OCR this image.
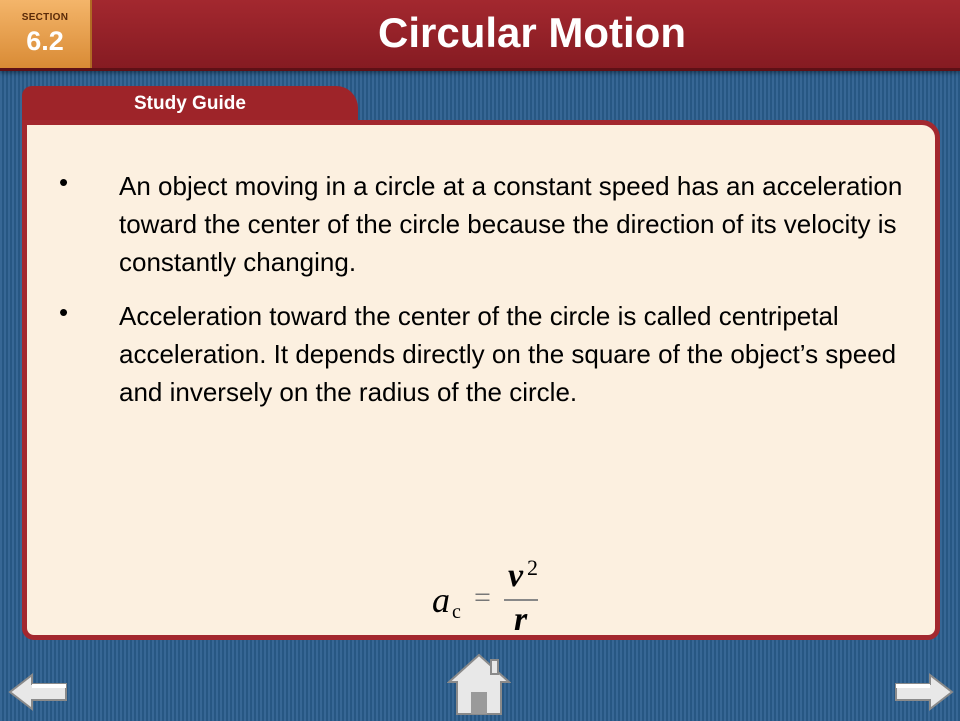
SECTION
6.2	Circular Motion
Study Guide
• An object moving in a circle at a constant speed has an acceleration toward the center of the circle because the direction of its velocity is constantly changing.
• Acceleration toward the center of the circle is called centripetal acceleration. It depends directly on the square of the object’s speed and inversely on the radius of the circle.
a c =
v 2
r
